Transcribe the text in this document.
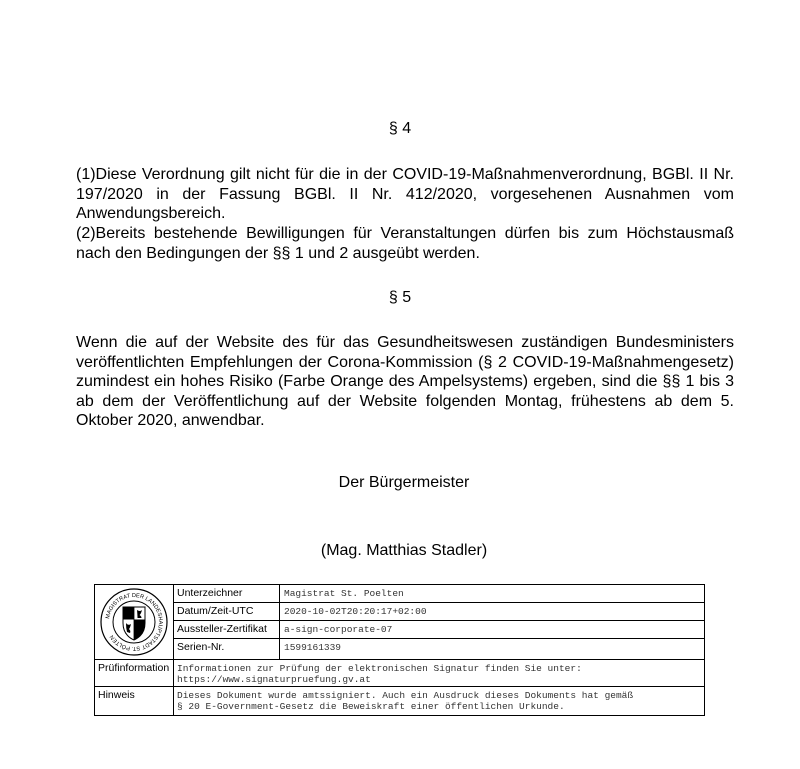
§ 4

(1)Diese Verordnung gilt nicht für die in der COVID-19-Maßnahmenverordnung, BGBl. II Nr.
197/2020 in der Fassung BGBl. II Nr. 412/2020, vorgesehenen Ausnahmen vom
Anwendungsbereich.

(2)Bereits bestehende Bewilligungen für Veranstaltungen dürfen bis zum Höchstausmaß
nach den Bedingungen der §§ 1 und 2 ausgeübt werden.

§ 5

Wenn die auf der Website des für das Gesundheitswesen zuständigen Bundesministers
veröffentlichten Empfehlungen der Corona-Kommission (§ 2 COVID-19-Maßnahmengesetz)
zumindest ein hohes Risiko (Farbe Orange des Ampelsystems) ergeben, sind die §§ 1 bis 3
ab dem der Veröffentlichung auf der Website folgenden Montag, frühestens ab dem 5.
Oktober 2020, anwendbar.

Der Bürgermeister
(Mag. Matthias Stadler)
MAGISTRAT DER LANDESHAUPTSTADT ST. PÖLTEN
Unterzeichner	Magistrat St. Poelten
Datum/Zeit-UTC	2020-10-02T20:20:17+02:00
Aussteller-Zertifikat	a-sign-corporate-07
Serien-Nr.	1599161339
Prüfinformation Informationen zur Prüfung der elektronischen Signatur finden Sie unter:
https://www.signaturpruefung.gv.at
Hinweis	Dieses Dokument wurde amtssigniert. Auch ein Ausdruck dieses Dokuments hat gemäß
§ 20 E-Government-Gesetz die Beweiskraft einer öffentlichen Urkunde.
